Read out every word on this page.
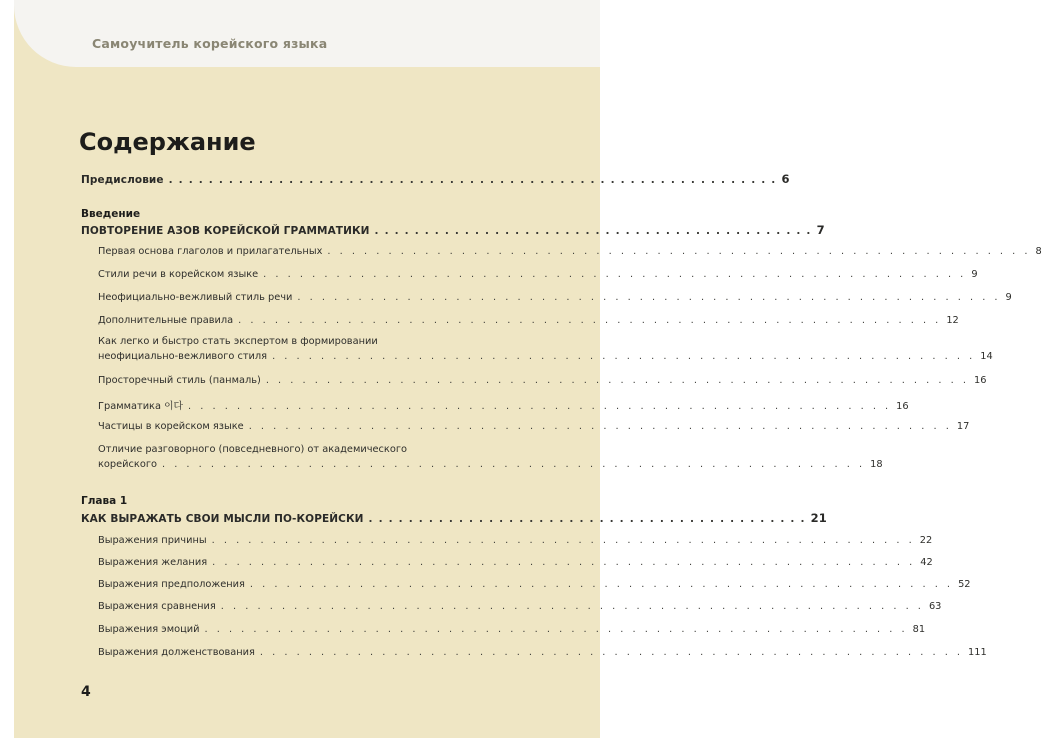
Самоучитель корейского языка
Содержание
Предисловие . . . . . . . . . . . . . . . . . . . . . . . . . . . . . . . . . . . . . . . . . . . . . . . . . . . . . . . . . . . . . 6
Введение
ПОВТОРЕНИЕ АЗОВ КОРЕЙСКОЙ ГРАММАТИКИ . . . . . . . . . . . . . . . . . . . . . . . . . . . . . . . . . . . . . . . . . . . . 7
Первая основа глаголов и прилагательных . . . . . . . . . . . . . . . . . . . . . . . . . . . . . . . . . . . . . . . . . . . . . . . . . . . . . . . . . . 8
Стили речи в корейском языке . . . . . . . . . . . . . . . . . . . . . . . . . . . . . . . . . . . . . . . . . . . . . . . . . . . . . . . . . . 9
Неофициально-вежливый стиль речи . . . . . . . . . . . . . . . . . . . . . . . . . . . . . . . . . . . . . . . . . . . . . . . . . . . . . . . . . . 9
Дополнительные правила . . . . . . . . . . . . . . . . . . . . . . . . . . . . . . . . . . . . . . . . . . . . . . . . . . . . . . . . . . 12
Как легко и быстро стать экспертом в формировании
неофициально-вежливого стиля . . . . . . . . . . . . . . . . . . . . . . . . . . . . . . . . . . . . . . . . . . . . . . . . . . . . . . . . . . 14
Просторечный стиль (панмаль) . . . . . . . . . . . . . . . . . . . . . . . . . . . . . . . . . . . . . . . . . . . . . . . . . . . . . . . . . . 16
Грамматика 이다 . . . . . . . . . . . . . . . . . . . . . . . . . . . . . . . . . . . . . . . . . . . . . . . . . . . . . . . . . . 16
Частицы в корейском языке . . . . . . . . . . . . . . . . . . . . . . . . . . . . . . . . . . . . . . . . . . . . . . . . . . . . . . . . . . 17
Отличие разговорного (повседневного) от академического
корейского . . . . . . . . . . . . . . . . . . . . . . . . . . . . . . . . . . . . . . . . . . . . . . . . . . . . . . . . . . 18
Глава 1
КАК ВЫРАЖАТЬ СВОИ МЫСЛИ ПО-КОРЕЙСКИ . . . . . . . . . . . . . . . . . . . . . . . . . . . . . . . . . . . . . . . . . . . . 21
Выражения причины . . . . . . . . . . . . . . . . . . . . . . . . . . . . . . . . . . . . . . . . . . . . . . . . . . . . . . . . . . 22
Выражения желания . . . . . . . . . . . . . . . . . . . . . . . . . . . . . . . . . . . . . . . . . . . . . . . . . . . . . . . . . . 42
Выражения предположения . . . . . . . . . . . . . . . . . . . . . . . . . . . . . . . . . . . . . . . . . . . . . . . . . . . . . . . . . . 52
Выражения сравнения . . . . . . . . . . . . . . . . . . . . . . . . . . . . . . . . . . . . . . . . . . . . . . . . . . . . . . . . . . 63
Выражения эмоций . . . . . . . . . . . . . . . . . . . . . . . . . . . . . . . . . . . . . . . . . . . . . . . . . . . . . . . . . . 81
Выражения долженствования . . . . . . . . . . . . . . . . . . . . . . . . . . . . . . . . . . . . . . . . . . . . . . . . . . . . . . . . . . 111
4
